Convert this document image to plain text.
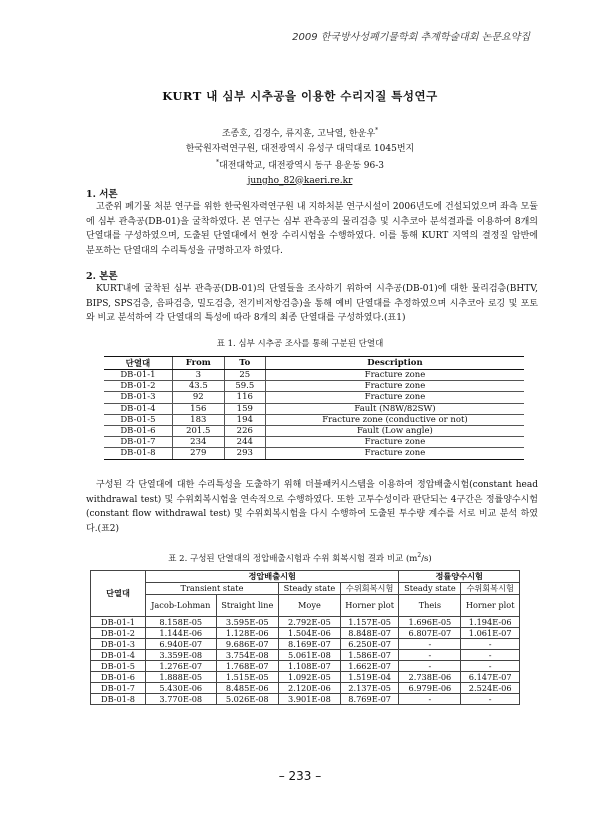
2009 한국방사성폐기물학회 추계학술대회 논문요약집
KURT 내 심부 시추공을 이용한 수리지질 특성연구
조종호, 김경수, 류지훈, 고낙열, 한운우*
한국원자력연구원, 대전광역시 유성구 대덕대로 1045번지
*대전대학교, 대전광역시 동구 용운동 96-3
jungho_82@kaeri.re.kr
1. 서론
고준위 폐기물 처분 연구를 위한 한국원자력연구원 내 지하처분 연구시설이 2006년도에 건설되었으며 좌측 모듈에 심부 관측공(DB-01)을 굴착하였다. 본 연구는 심부 관측공의 물리검층 및 시추코아 분석결과를 이용하여 8개의 단열대를 구성하였으며, 도출된 단열대에서 현장 수리시험을 수행하였다. 이를 통해 KURT 지역의 결정질 암반에 분포하는 단열대의 수리특성을 규명하고자 하였다.
2. 본론
KURT내에 굴착된 심부 관측공(DB-01)의 단열들을 조사하기 위하여 시추공(DB-01)에 대한 물리검층(BHTV, BIPS, SPS검층, 음파검층, 밀도검층, 전기비저항검층)을 통해 예비 단열대를 추정하였으며 시추코아 로깅 및 포토와 비교 분석하여 각 단열대의 특성에 따라 8개의 최종 단열대를 구성하였다.(표1)
표 1. 심부 시추공 조사를 통해 구분된 단열대
단열대	From	To	Description
DB-01-1	3	25	Fracture zone
DB-01-2	43.5	59.5	Fracture zone
DB-01-3	92	116	Fracture zone
DB-01-4	156	159	Fault (N8W/82SW)
DB-01-5	183	194	Fracture zone (conductive or not)
DB-01-6	201.5	226	Fault (Low angle)
DB-01-7	234	244	Fracture zone
DB-01-8	279	293	Fracture zone
구성된 각 단열대에 대한 수리특성을 도출하기 위해 더블패커시스템을 이용하여 정압배출시험(constant head withdrawal test) 및 수위회복시험을 연속적으로 수행하였다. 또한 고투수성이라 판단되는 4구간은 정률양수시험(constant flow withdrawal test) 및 수위회복시험을 다시 수행하여 도출된 투수량 계수를 서로 비교 분석 하였다.(표2)
표 2. 구성된 단열대의 정압배출시험과 수위 회복시험 결과 비교 $(m^2/s)$
단열대	정압배출시험				정률양수시험	
	Transient state		Steady state	수위회복시험	Steady state	수위회복시험
	Jacob-Lohman	Straight line	Moye	Horner plot	Theis	Horner plot
DB-01-1	8.158E-05	3.595E-05	2.792E-05	1.157E-05	1.696E-05	1.194E-06
DB-01-2	1.144E-06	1.128E-06	1.504E-06	8.848E-07	6.807E-07	1.061E-07
DB-01-3	6.940E-07	9.686E-07	8.169E-07	6.250E-07	-	-
DB-01-4	3.359E-08	3.754E-08	5.061E-08	1.586E-07	-	-
DB-01-5	1.276E-07	1.768E-07	1.108E-07	1.662E-07	-	-
DB-01-6	1.888E-05	1.515E-05	1.092E-05	1.519E-04	2.738E-06	6.147E-07
DB-01-7	5.430E-06	8.485E-06	2.120E-06	2.137E-05	6.979E-06	2.524E-06
DB-01-8	3.770E-08	5.026E-08	3.901E-08	8.769E-07	-	-
– 233 –
